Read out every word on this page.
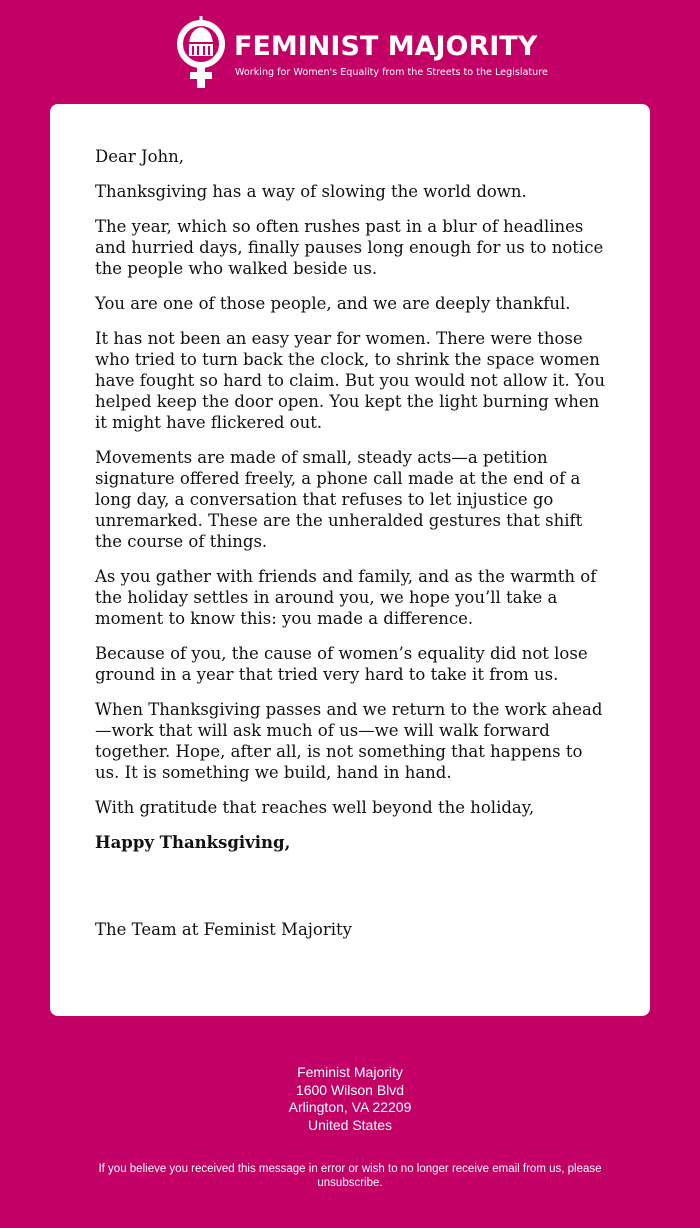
FEMINIST MAJORITY
Working for Women's Equality from the Streets to the Legislature

Dear John,

Thanksgiving has a way of slowing the world down.

The year, which so often rushes past in a blur of headlines and hurried days, finally pauses long enough for us to notice the people who walked beside us.

You are one of those people, and we are deeply thankful.

It has not been an easy year for women. There were those who tried to turn back the clock, to shrink the space women have fought so hard to claim. But you would not allow it. You helped keep the door open. You kept the light burning when it might have flickered out.

Movements are made of small, steady acts—a petition signature offered freely, a phone call made at the end of a long day, a conversation that refuses to let injustice go unremarked. These are the unheralded gestures that shift the course of things.

As you gather with friends and family, and as the warmth of the holiday settles in around you, we hope you’ll take a moment to know this: you made a difference.

Because of you, the cause of women’s equality did not lose ground in a year that tried very hard to take it from us.

When Thanksgiving passes and we return to the work ahead—work that will ask much of us—we will walk forward together. Hope, after all, is not something that happens to us. It is something we build, hand in hand.

With gratitude that reaches well beyond the holiday,

Happy Thanksgiving,

The Team at Feminist Majority

Feminist Majority
1600 Wilson Blvd
Arlington, VA 22209
United States
If you believe you received this message in error or wish to no longer receive email from us, please unsubscribe.
